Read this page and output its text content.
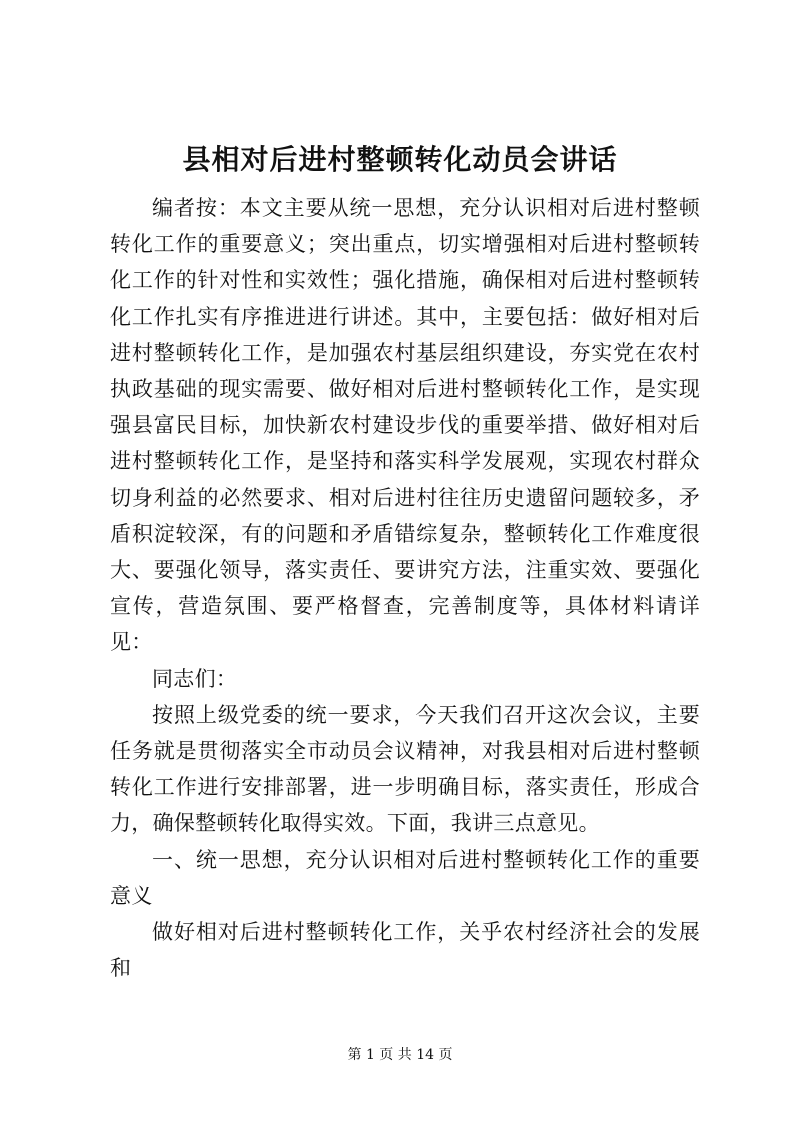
县相对后进村整顿转化动员会讲话

编者按：本文主要从统一思想，充分认识相对后进村整顿转化工作的重要意义；突出重点，切实增强相对后进村整顿转化工作的针对性和实效性；强化措施，确保相对后进村整顿转化工作扎实有序推进进行讲述。其中，主要包括：做好相对后进村整顿转化工作，是加强农村基层组织建设，夯实党在农村执政基础的现实需要、做好相对后进村整顿转化工作，是实现强县富民目标，加快新农村建设步伐的重要举措、做好相对后进村整顿转化工作，是坚持和落实科学发展观，实现农村群众切身利益的必然要求、相对后进村往往历史遗留问题较多，矛盾积淀较深，有的问题和矛盾错综复杂，整顿转化工作难度很大、要强化领导，落实责任、要讲究方法，注重实效、要强化宣传，营造氛围、要严格督查，完善制度等，具体材料请详见：

同志们：

按照上级党委的统一要求，今天我们召开这次会议，主要任务就是贯彻落实全市动员会议精神，对我县相对后进村整顿转化工作进行安排部署，进一步明确目标，落实责任，形成合力，确保整顿转化取得实效。下面，我讲三点意见。

一、统一思想，充分认识相对后进村整顿转化工作的重要意义

做好相对后进村整顿转化工作，关乎农村经济社会的发展和

第 1 页 共 14 页
